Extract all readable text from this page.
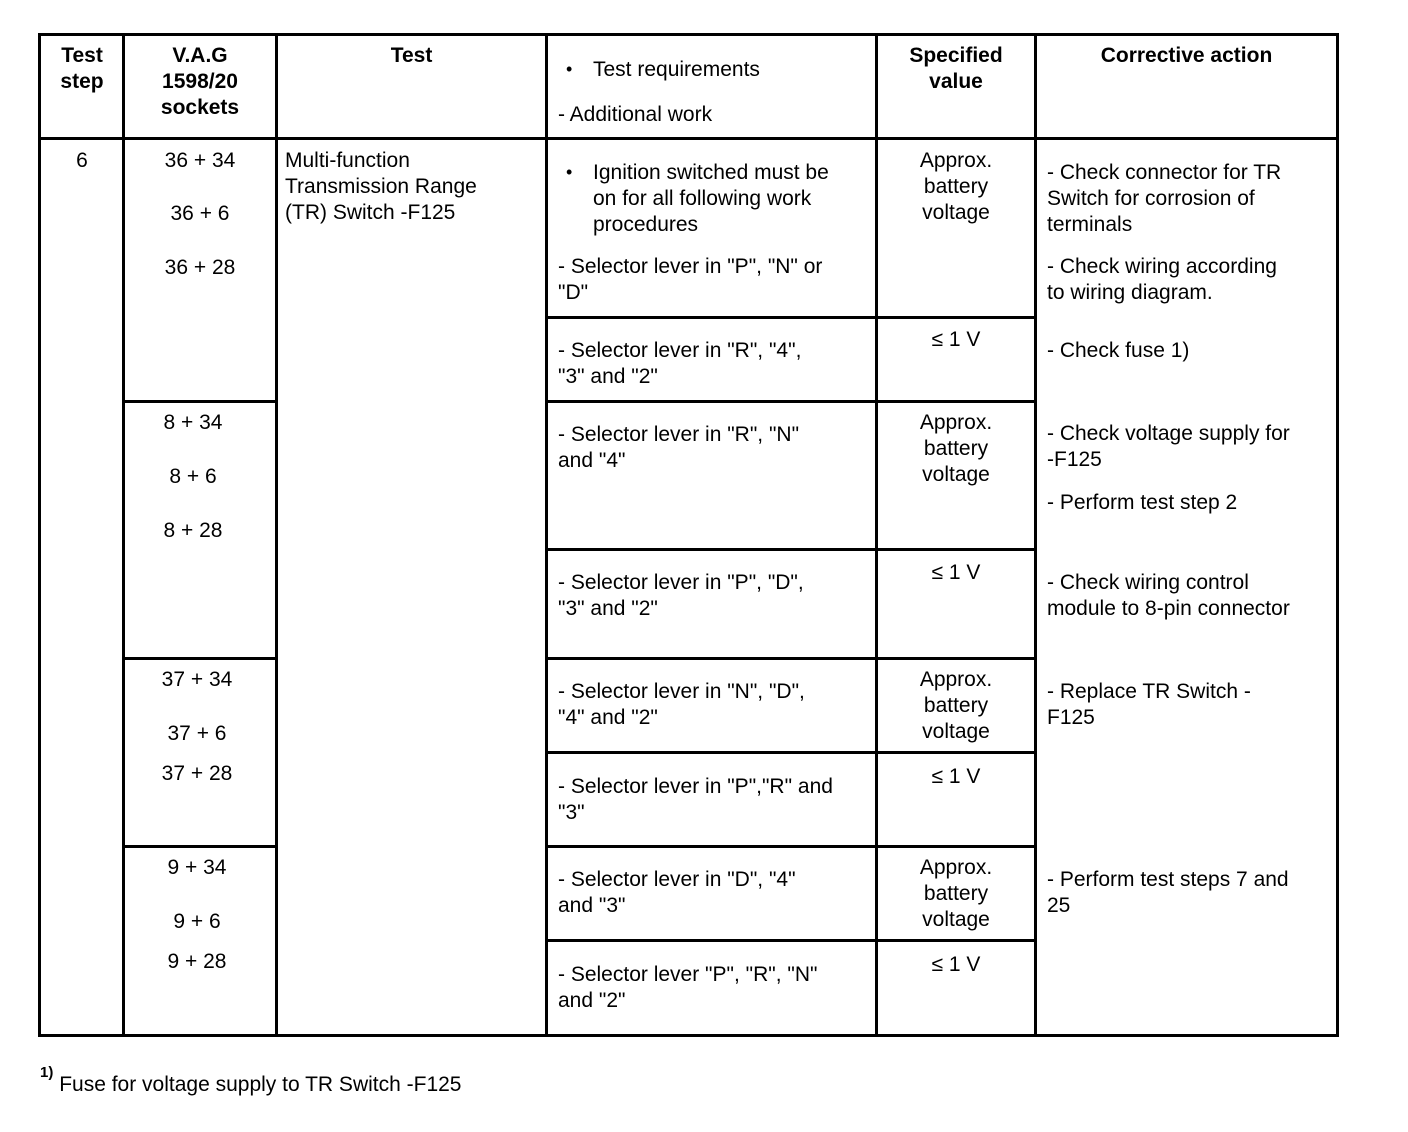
Test
step
V.A.G
1598/20
sockets
Test
• Test requirements
- Additional work
Specified
value
Corrective action
6	Multi-function
Transmission Range
(TR) Switch -F125
36 + 34
36 + 6
36 + 28
8 + 34
8 + 6
8 + 28
37 + 34
37 + 6
37 + 28
9 + 34
9 + 6
9 + 28
• Ignition switched must be
on for all following work
procedures
- Selector lever in "P", "N" or
"D"
- Selector lever in "R", "4",
"3" and "2"
- Selector lever in "R", "N"
and "4"
- Selector lever in "P", "D",
"3" and "2"
- Selector lever in "N", "D",
"4" and "2"
- Selector lever in "P","R" and
"3"
- Selector lever in "D", "4"
and "3"
- Selector lever "P", "R", "N"
and "2"
Approx.
battery
voltage
≤ 1 V
Approx.
battery
voltage
≤ 1 V
Approx.
battery
voltage
≤ 1 V
Approx.
battery
voltage
≤ 1 V
- Check connector for TR
Switch for corrosion of
terminals
- Check wiring according
to wiring diagram.
- Check fuse 1)
- Check voltage supply for
-F125
- Perform test step 2
- Check wiring control
module to 8-pin connector
- Replace TR Switch -
F125
- Perform test steps 7 and
25
$^{1)}$ Fuse for voltage supply to TR Switch -F125
